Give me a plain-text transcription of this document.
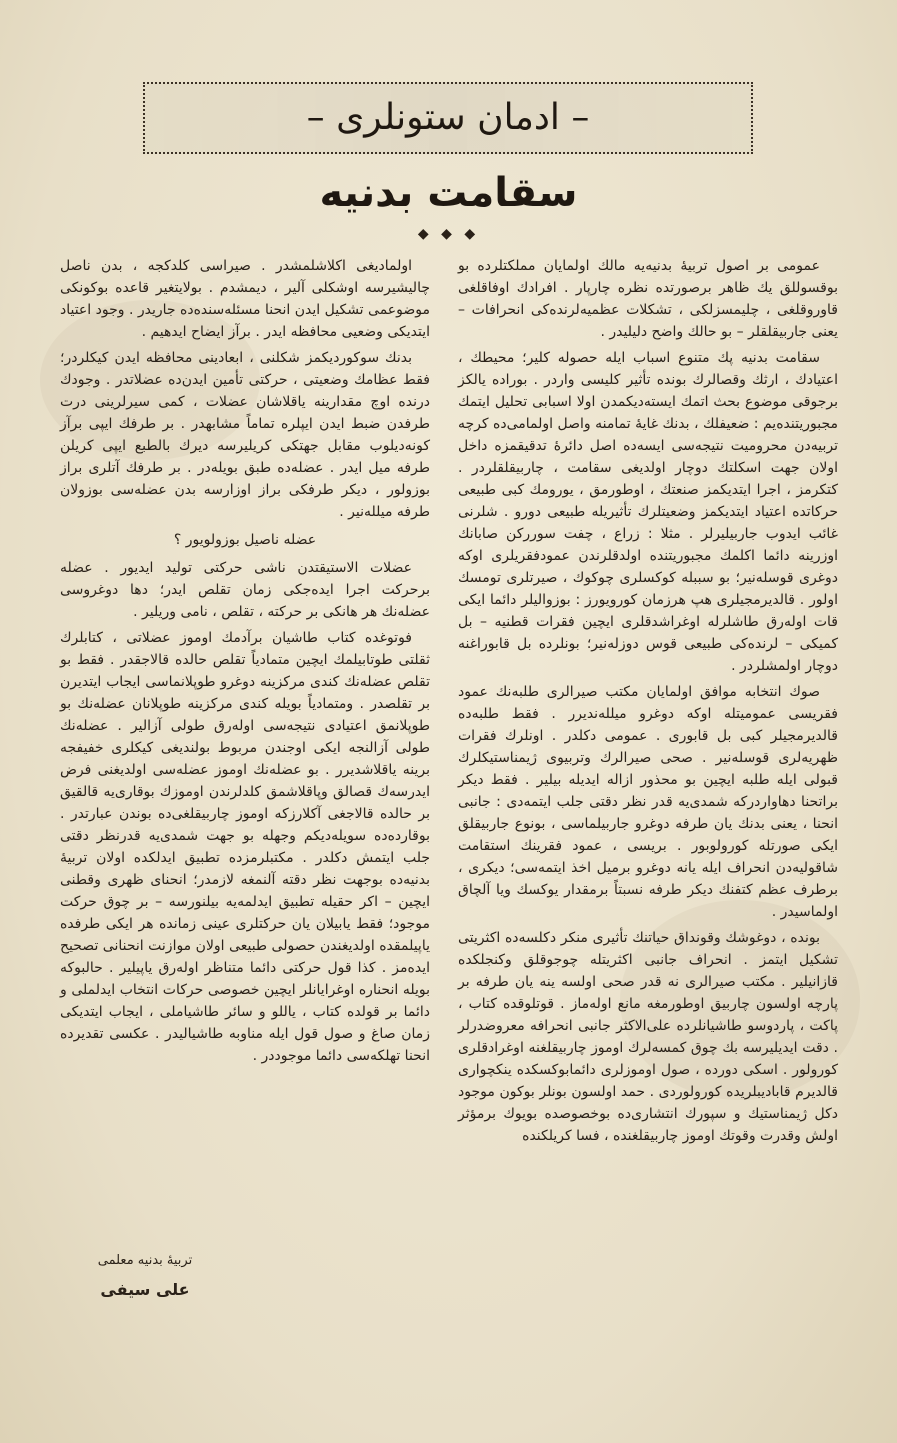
– ادمان ستونلری –
سقامت بدنیه
◆ ◆ ◆

عمومی بر اصول تربیهٔ بدنیه‌یه مالك اولمایان مملکتلرده بو بوقسوللق یك ظاهر برصورتده نظره چارپار . افرادك اوفاقلغی قاوروقلغی ، چلیمسزلکی ، تشکلات عظمیه‌لرنده‌کی انحرافات – یعنی جاربیقلقلر – بو حالك واضح دلیلیدر .

سقامت بدنیه پك متنوع اسباب ایله حصوله کلیر؛ محیطك ، اعتیادك ، ارثك وقصالرك بونده تأثیر کلیسی واردر . بوراده یالکز برجوقی موضوع بحث اتمك ایسته‌دیکمدن اولا اسبابی تحلیل ایتمك مجبوریتنده‌یم : ضعیفلك ، بدنك غایهٔ تمامنه واصل اولمامی‌ده کرچه تربیه‌دن محرومیت نتیجه‌سی ایسه‌ده اصل دائرهٔ تدقیقمزه داخل اولان جهت اسکلتك دوچار اولدیغی سقامت ، چاربیقلقلردر . کتکرمز ، اجرا ایتدیکمز صنعتك ، اوطورمق ، یورومك کبی طبیعی حرکاتده اعتیاد ایتدیکمز وضعیتلرك تأثیریله طبیعی دورو . شلرنی غائب ایدوب جاربیلیرلر . مثلا : زراع ، چفت سوررکن صابانك اوزرینه دائما اکلمك مجبوریتنده اولدقلرندن عمودفقریلری اوکه دوغری قوسله‌نیر؛ بو سببله کوکسلری چوکوك ، صیرتلری تومسك اولور . قالدیرمجیلری هپ هرزمان کورویورز : بوزوالیلر دائما ایکی قات اوله‌رق طاشلرله اوغراشدقلری ایچین فقرات قطنیه – بل کمیکی – لرنده‌کی طبیعی قوس دوزله‌نیر؛ بونلرده بل قابوراغنه دوچار اولمشلردر .

صوك انتخابه موافق اولمایان مکتب صیرالری طلبه‌نك عمود فقریسی عمومیتله اوکه دوغرو میلله‌ندیرر . فقط طلبه‌ده قالدیرمجیلر کبی بل قابوری . عمومی دکلدر . اونلرك فقرات ظهریه‌لری قوسله‌نیر . صحی صیرالرك وتربیوی ژیمناستیکلرك قبولی ایله طلبه ایچین بو محذور ازاله ایدیله بیلیر . فقط دیکر براتحنا دهاواردرکه شمدی‌یه قدر نظر دقتی جلب ایتمه‌دی : جانبی انحنا ، یعنی بدنك یان طرفه دوغرو جاربیلماسی ، بونوع جاربیقلق ایکی صورتله کورولوبور . بریسی ، عمود فقرینك استقامت شاقولیه‌دن انحراف ایله یانه دوغرو برمیل اخذ ایتمه‌سی؛ دیکری ، برطرف عظم کتفنك دیکر طرفه نسبتاً برمقدار یوکسك ویا آلچاق اولماسیدر .

بونده ، دوغوشك وقونداق حیاتنك تأثیری منکر دکلسه‌ده اکثریتی تشکیل ایتمز . انحراف جانبی اکثریتله چوجوقلق وکنجلکده قازانیلیر . مکتب صیرالری نه قدر صحی اولسه ینه یان طرفه بر پارچه اولسون چاربیق اوطورمغه مانع اوله‌ماز . قوتلوقده کتاب ، پاکت ، پاردوسو طاشیانلرده علی‌الاکثر جانبی انحرافه معروضدرلر . دقت ایدیلیرسه بك چوق کمسه‌لرك اوموز چاربیقلغنه اوغرادقلری کورولور . اسکی دورده ، صول اوموزلری دائمابوکسکده ینکچواری قالدیرم قابادیبلریده کورولوردی . حمد اولسون بونلر بوکون موجود دکل ژیمناستیك و سپورك انتشاری‌ده بوخصوصده بویوك برمؤثر اولش وقدرت وقوتك اوموز چاربیقلغنده ، فسا کریلکنده

اولمادیغی اکلاشلمشدر . صیراسی کلدکجه ، بدن ناصل چالیشیرسه اوشکلی آلیر ، دیمشدم . بولایتغیر قاعده بوکونکی موضوعمی تشکیل ایدن انحنا مسئله‌سنده‌ده جاریدر . وجود اعتیاد ایتدیکی وضعیی محافظه ایدر . برآز ایضاح ایدهیم .

بدنك سوکوردیکمز شکلنی ، ابعادینی محافظه ایدن کیکلردر؛ فقط عظامك وضعیتی ، حرکتی تأمین ایدن‌ده عضلاتدر . وجودك درنده اوچ مقدارینه یاقلاشان عضلات ، کمی سیرلرینی درت طرفدن ضبط ایدن ایپلره تماماً مشابهدر . بر طرفك ایپی برآز کونه‌دیلوب مقابل جهتکی کریلیرسه دیرك بالطبع ایپی کریلن طرفه میل ایدر . عضله‌ده طبق بویله‌در . بر طرفك آتلری براز بوزولور ، دیکر طرفکی براز اوزارسه بدن عضله‌سی بوزولان طرفه میلله‌نیر .

عضله ناصیل بوزولویور ؟

عضلات الاستیقتدن ناشی حرکتی تولید ایدیور . عضله برحرکت اجرا ایده‌جکی زمان تقلص ایدر؛ دها دوغروسی عضله‌نك هر هانکی بر حرکته ، تقلص ، نامی وریلیر .

فوتوغده کتاب طاشیان برآدمك اوموز عضلاتی ، کتابلرك ثقلتی طوتابیلمك ایچین متمادیاً تقلص حالده قالاجقدر . فقط بو تقلص عضله‌نك کندی مرکزینه دوغرو طوپلانماسی ایجاب ایتدیرن بر تقلصدر . ومتمادیاً بویله کندی مرکزینه طوپلانان عضله‌نك بو طوپلانمق اعتیادی نتیجه‌سی اوله‌رق طولی آزالیر . عضله‌نك طولی آزالنجه ایکی اوجندن مربوط بولندیغی کیکلری خفیفجه برینه یاقلاشدیرر . بو عضله‌نك اوموز عضله‌سی اولدیغنی فرض ایدرسه‌ك قصالق وپاقلاشمق کلدلرندن اوموزك بوقاری‌یه قالقیق بر حالده قالاجغی آکلارزکه اوموز چاربیقلغی‌ده بوندن عبارتدر . بوقاردەده سویله‌دیکم وجهله بو جهت شمدی‌یه قدرنظر دقتی جلب ایتمش دکلدر . مکتبلرمزده تطبیق ایدلکده اولان تربیهٔ بدنیه‌ده بوجهت نظر دقته آلنمغه لازمدر؛ انحنای ظهری وقطنی ایچین – اکر حقیله تطبیق ایدلمه‌یه بیلنورسه – بر چوق حرکت موجود؛ فقط یابیلان یان حرکتلری عینی زمانده هر ایکی طرفده یاپیلمقده اولدیغندن حصولی طبیعی اولان موازنت انحنانی تصحیح ایده‌مز . کذا قول حرکتی دائما متناظر اوله‌رق یاپیلیر . حالبوکه بویله انحناره اوغرایانلر ایچین خصوصی حرکات انتخاب ایدلملی و دائما بر قولده کتاب ، یاللو و سائر طاشیاملی ، ایجاب ایتدیکی زمان صاغ و صول قول ایله مناوبه طاشیالیدر . عکسی تقدیرده انحنا تهلکه‌سی دائما موجوددر .

تربیهٔ بدنیه معلمی
علی سیفی
